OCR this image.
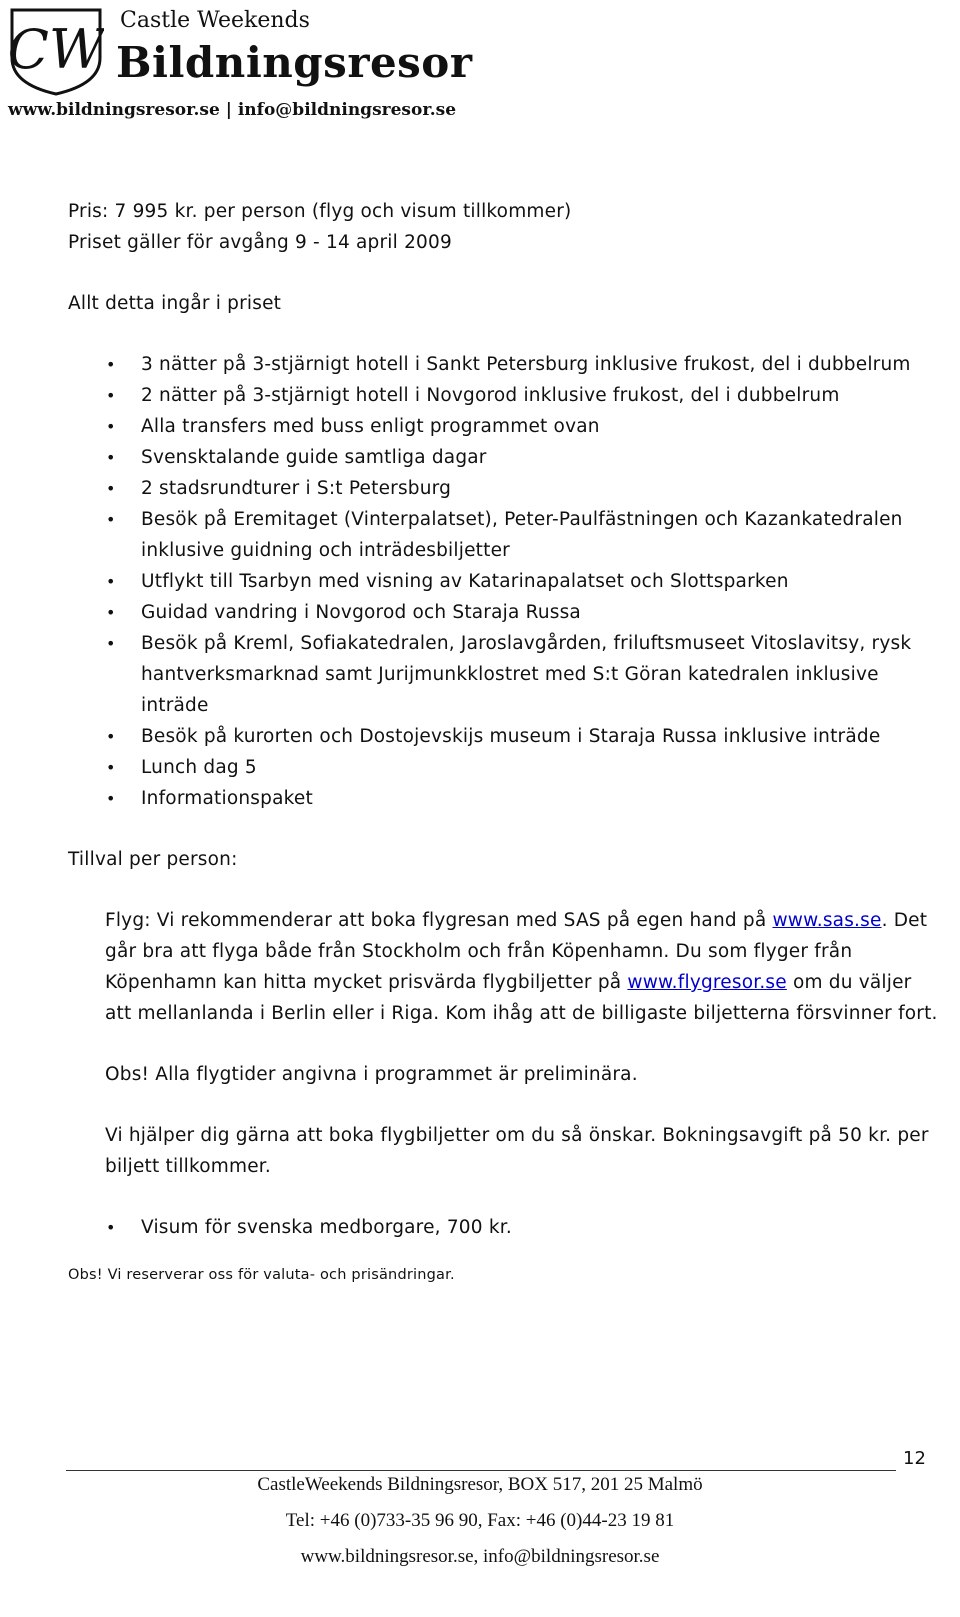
CW Castle Weekends
Bildningsresor
www.bildningsresor.se | info@bildningsresor.se

Pris: 7 995 kr. per person (flyg och visum tillkommer)

Priset gäller för avgång 9 - 14 april 2009

Allt detta ingår i priset

• 3 nätter på 3-stjärnigt hotell i Sankt Petersburg inklusive frukost, del i dubbelrum
• 2 nätter på 3-stjärnigt hotell i Novgorod inklusive frukost, del i dubbelrum
• Alla transfers med buss enligt programmet ovan
• Svensktalande guide samtliga dagar
• 2 stadsrundturer i S:t Petersburg
• Besök på Eremitaget (Vinterpalatset), Peter-Paulfästningen och Kazankatedralen inklusive guidning och inträdesbiljetter
• Utflykt till Tsarbyn med visning av Katarinapalatset och Slottsparken
• Guidad vandring i Novgorod och Staraja Russa
• Besök på Kreml, Sofiakatedralen, Jaroslavgården, friluftsmuseet Vitoslavitsy, rysk hantverksmarknad samt Jurijmunkklostret med S:t Göran katedralen inklusive inträde
• Besök på kurorten och Dostojevskijs museum i Staraja Russa inklusive inträde
• Lunch dag 5
• Informationspaket

Tillval per person:

Flyg: Vi rekommenderar att boka flygresan med SAS på egen hand på www.sas.se. Det går bra att flyga både från Stockholm och från Köpenhamn. Du som flyger från Köpenhamn kan hitta mycket prisvärda flygbiljetter på www.flygresor.se om du väljer att mellanlanda i Berlin eller i Riga. Kom ihåg att de billigaste biljetterna försvinner fort.

Obs! Alla flygtider angivna i programmet är preliminära.

Vi hjälper dig gärna att boka flygbiljetter om du så önskar. Bokningsavgift på 50 kr. per biljett tillkommer.

• Visum för svenska medborgare, 700 kr.

Obs! Vi reserverar oss för valuta- och prisändringar.

12
CastleWeekends Bildningsresor, BOX 517, 201 25 Malmö
Tel: +46 (0)733-35 96 90, Fax: +46 (0)44-23 19 81
www.bildningsresor.se, info@bildningsresor.se
